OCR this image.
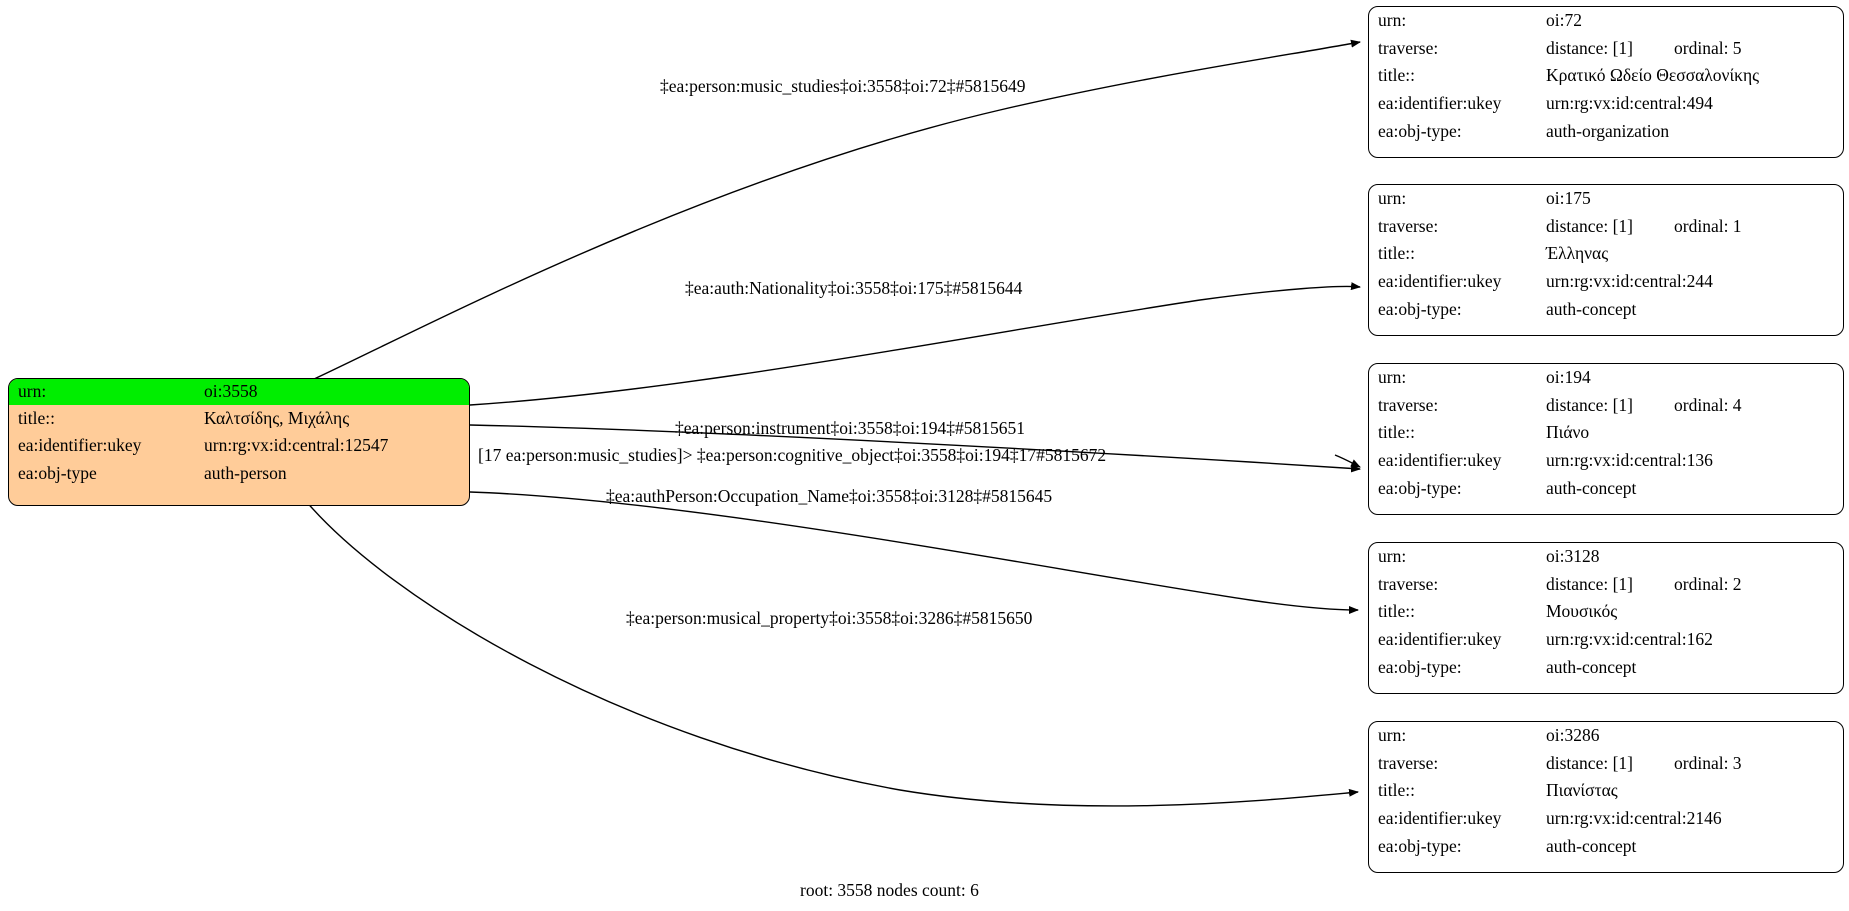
urn:	oi:3558
title::	Καλτσίδης, Μιχάλης
ea:identifier:ukey	urn:rg:vx:id:central:12547
ea:obj-type	auth-person
urn:	oi:72
traverse:	distance: [1] ordinal: 5
title::	Κρατικό Ωδείο Θεσσαλονίκης
ea:identifier:ukey	urn:rg:vx:id:central:494
ea:obj-type:	auth-organization
urn:	oi:175
traverse:	distance: [1] ordinal: 1
title::	Έλληνας
ea:identifier:ukey	urn:rg:vx:id:central:244
ea:obj-type:	auth-concept
urn:	oi:194
traverse:	distance: [1] ordinal: 4
title::	Πιάνο
ea:identifier:ukey	urn:rg:vx:id:central:136
ea:obj-type:	auth-concept
urn:	oi:3128
traverse:	distance: [1] ordinal: 2
title::	Μουσικός
ea:identifier:ukey	urn:rg:vx:id:central:162
ea:obj-type:	auth-concept
urn:	oi:3286
traverse:	distance: [1] ordinal: 3
title::	Πιανίστας
ea:identifier:ukey	urn:rg:vx:id:central:2146
ea:obj-type:	auth-concept
‡ea:person:music_studies‡oi:3558‡oi:72‡#5815649
‡ea:auth:Nationality‡oi:3558‡oi:175‡#5815644
‡ea:person:instrument‡oi:3558‡oi:194‡#5815651
[17 ea:person:music_studies]> ‡ea:person:cognitive_object‡oi:3558‡oi:194‡17#5815672
‡ea:authPerson:Occupation_Name‡oi:3558‡oi:3128‡#5815645
‡ea:person:musical_property‡oi:3558‡oi:3286‡#5815650
root: 3558 nodes count: 6
